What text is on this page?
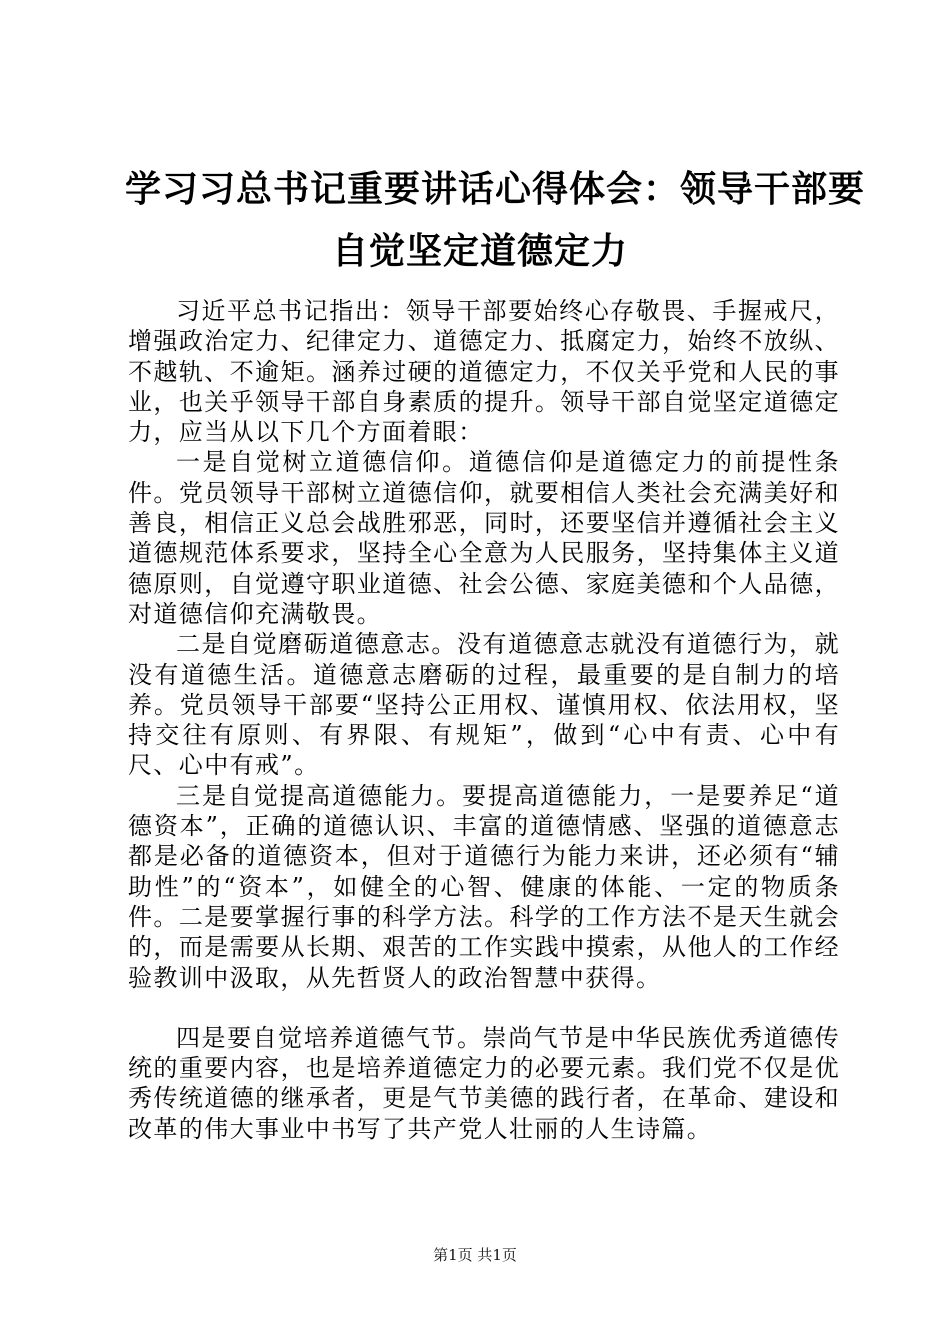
学习习总书记重要讲话心得体会：领导干部要
自觉坚定道德定力

习近平总书记指出：领导干部要始终心存敬畏、手握戒尺，增强政治定力、纪律定力、道德定力、抵腐定力，始终不放纵、不越轨、不逾矩。涵养过硬的道德定力，不仅关乎党和人民的事业，也关乎领导干部自身素质的提升。领导干部自觉坚定道德定力，应当从以下几个方面着眼：

一是自觉树立道德信仰。道德信仰是道德定力的前提性条件。党员领导干部树立道德信仰，就要相信人类社会充满美好和善良，相信正义总会战胜邪恶，同时，还要坚信并遵循社会主义道德规范体系要求，坚持全心全意为人民服务，坚持集体主义道德原则，自觉遵守职业道德、社会公德、家庭美德和个人品德，对道德信仰充满敬畏。

二是自觉磨砺道德意志。没有道德意志就没有道德行为，就没有道德生活。道德意志磨砺的过程，最重要的是自制力的培养。党员领导干部要“坚持公正用权、谨慎用权、依法用权，坚持交往有原则、有界限、有规矩”，做到“心中有责、心中有尺、心中有戒”。

三是自觉提高道德能力。要提高道德能力，一是要养足“道德资本”，正确的道德认识、丰富的道德情感、坚强的道德意志都是必备的道德资本，但对于道德行为能力来讲，还必须有“辅助性”的“资本”，如健全的心智、健康的体能、一定的物质条件。二是要掌握行事的科学方法。科学的工作方法不是天生就会的，而是需要从长期、艰苦的工作实践中摸索，从他人的工作经验教训中汲取，从先哲贤人的政治智慧中获得。

四是要自觉培养道德气节。崇尚气节是中华民族优秀道德传统的重要内容，也是培养道德定力的必要元素。我们党不仅是优秀传统道德的继承者，更是气节美德的践行者，在革命、建设和改革的伟大事业中书写了共产党人壮丽的人生诗篇。

第1页 共1页
